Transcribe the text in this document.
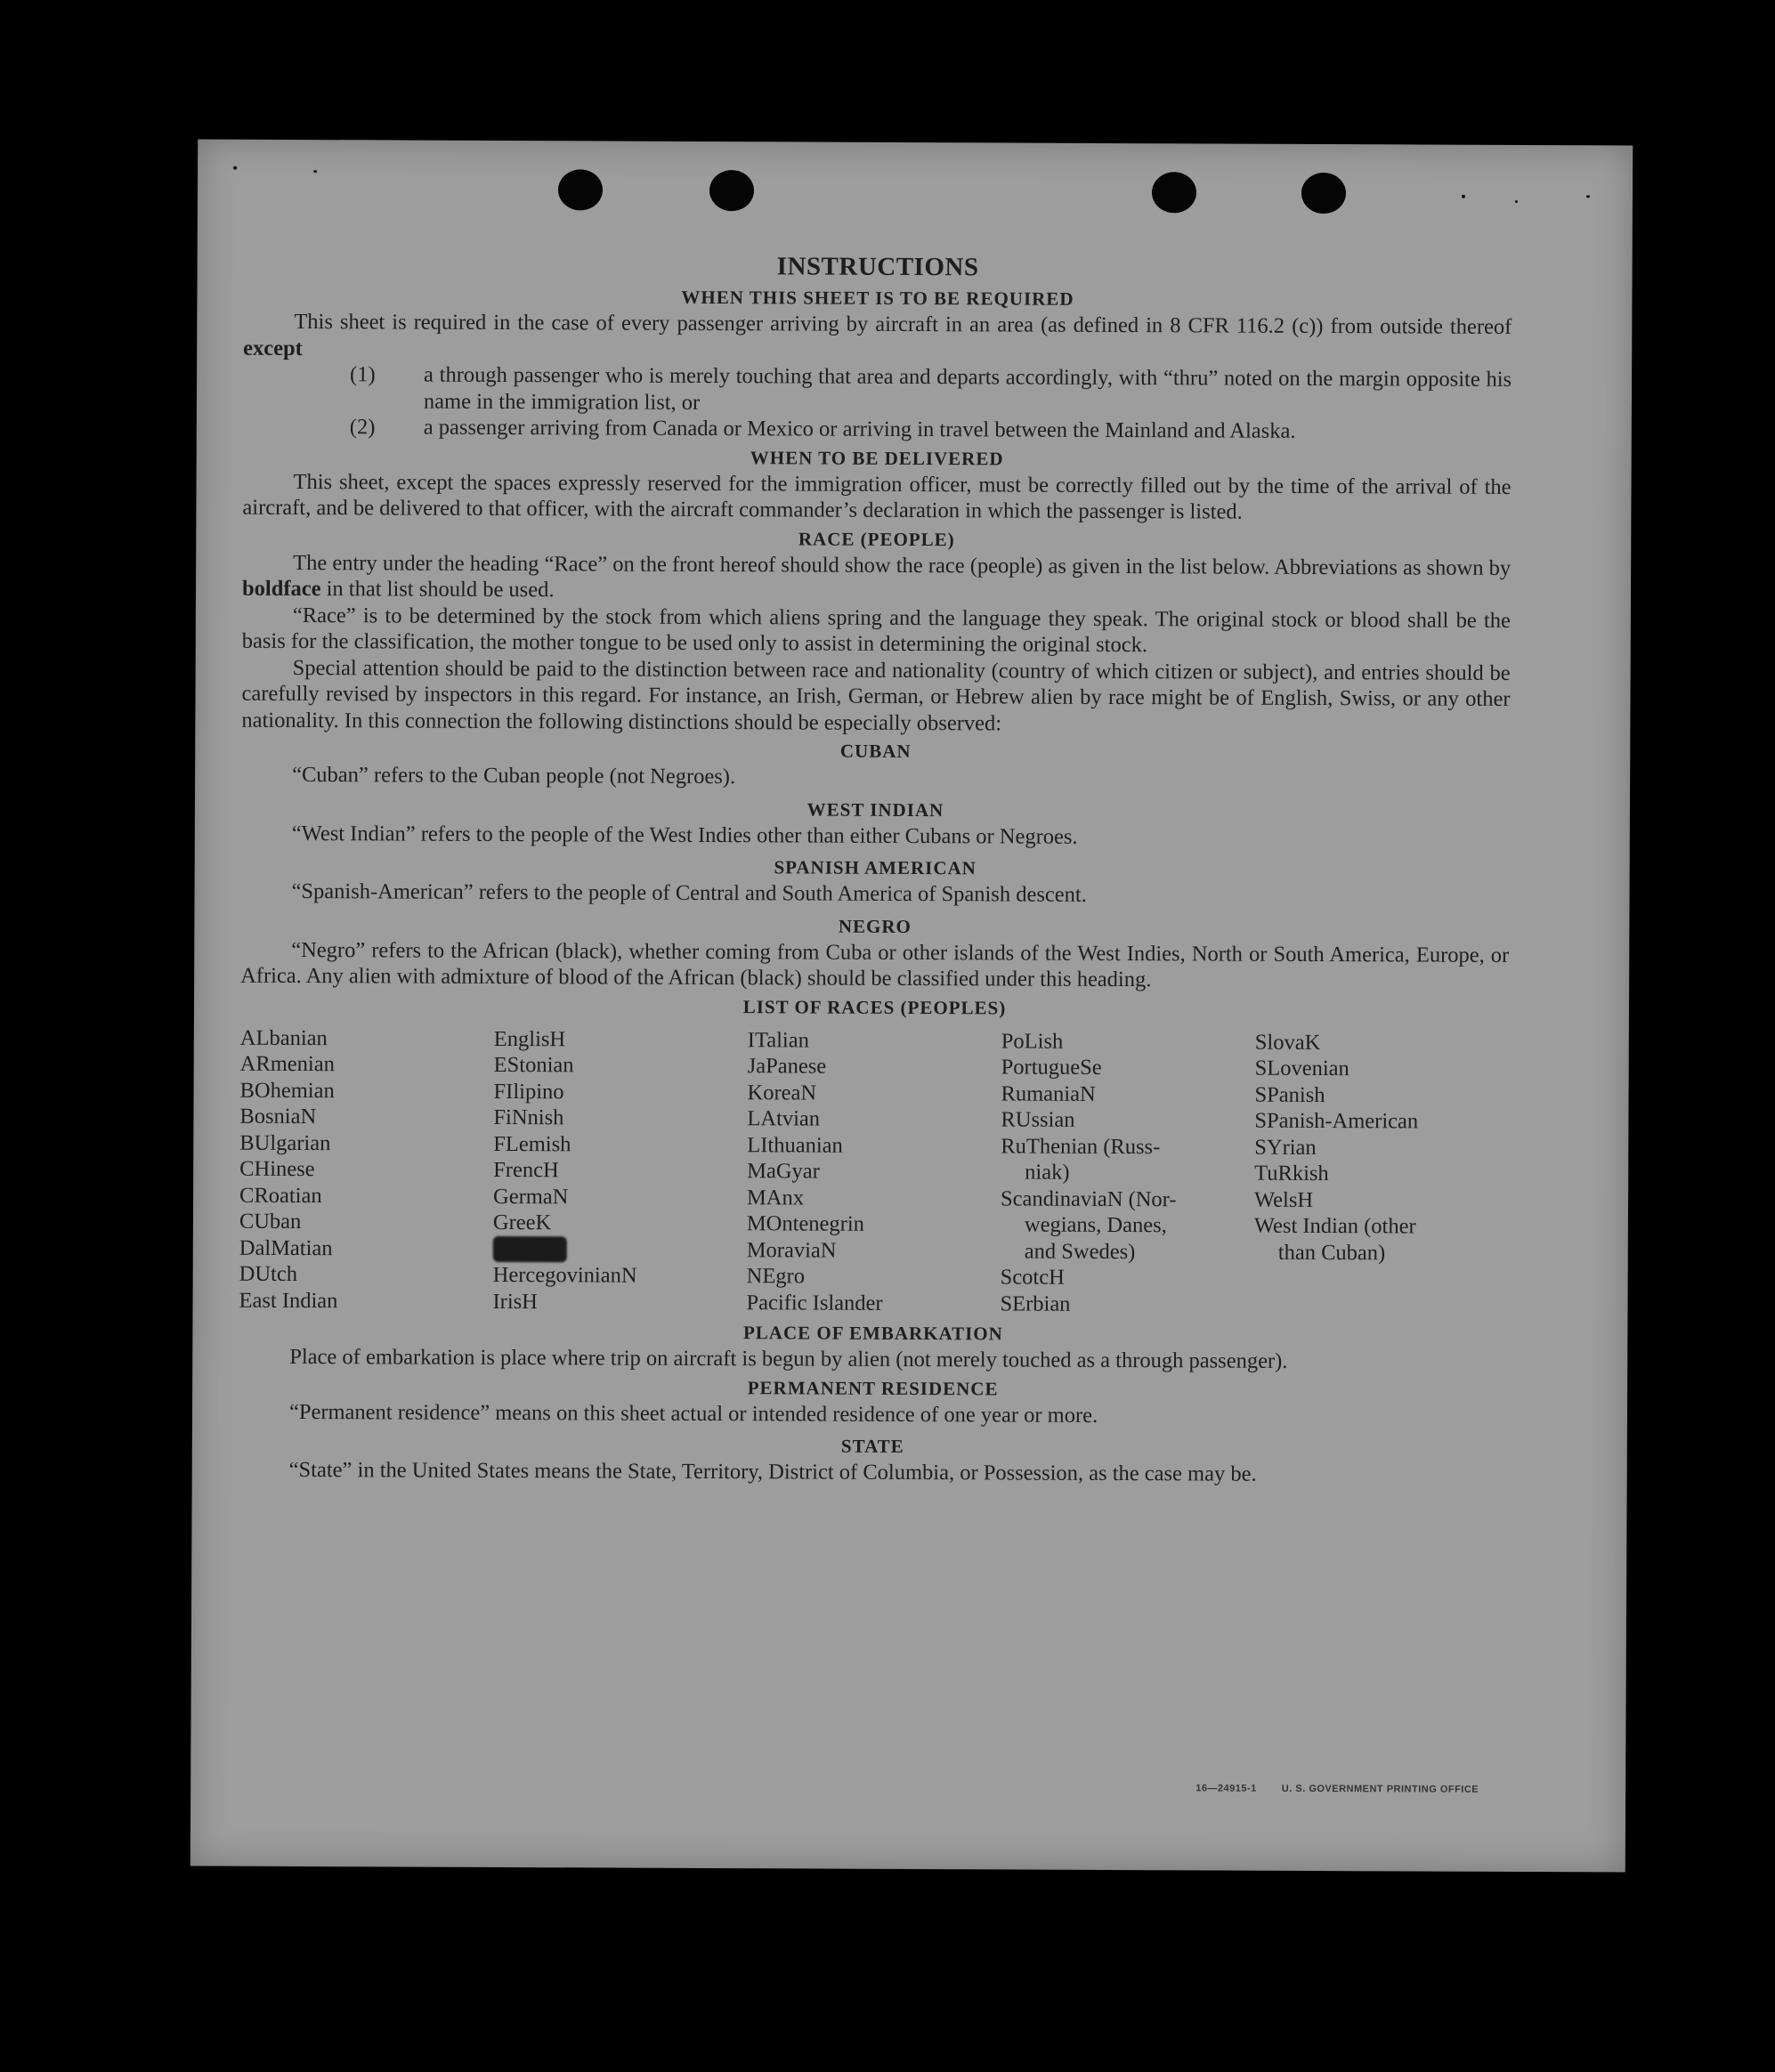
INSTRUCTIONS
WHEN THIS SHEET IS TO BE REQUIRED

This sheet is required in the case of every passenger arriving by aircraft in an area (as defined in 8 CFR 116.2 (c)) from outside thereof except

(1) a through passenger who is merely touching that area and departs accordingly, with “thru” noted on the margin opposite his name in the immigration list, or
(2) a passenger arriving from Canada or Mexico or arriving in travel between the Mainland and Alaska.
WHEN TO BE DELIVERED

This sheet, except the spaces expressly reserved for the immigration officer, must be correctly filled out by the time of the arrival of the aircraft, and be delivered to that officer, with the aircraft commander’s declaration in which the passenger is listed.

RACE (PEOPLE)

The entry under the heading “Race” on the front hereof should show the race (people) as given in the list below. Abbreviations as shown by boldface in that list should be used.

“Race” is to be determined by the stock from which aliens spring and the language they speak. The original stock or blood shall be the basis for the classification, the mother tongue to be used only to assist in determining the original stock.

Special attention should be paid to the distinction between race and nationality (country of which citizen or subject), and entries should be carefully revised by inspectors in this regard. For instance, an Irish, German, or Hebrew alien by race might be of English, Swiss, or any other nationality. In this connection the following distinctions should be especially observed:

CUBAN

“Cuban” refers to the Cuban people (not Negroes).

WEST INDIAN

“West Indian” refers to the people of the West Indies other than either Cubans or Negroes.

SPANISH AMERICAN

“Spanish-American” refers to the people of Central and South America of Spanish descent.

NEGRO

“Negro” refers to the African (black), whether coming from Cuba or other islands of the West Indies, North or South America, Europe, or Africa. Any alien with admixture of blood of the African (black) should be classified under this heading.

LIST OF RACES (PEOPLES)
ALbanian
ARmenian
BOhemian
BosniaN
BUlgarian
CHinese
CRoatian
CUban
DalMatian
DUtch
East Indian
EnglisH
EStonian
FIlipino
FiNnish
FLemish
FrencH
GermaN
GreeK
HebreW
HercegovinianN
IrisH
ITalian
JaPanese
KoreaN
LAtvian
LIthuanian
MaGyar
MAnx
MOntenegrin
MoraviaN
NEgro
Pacific Islander
PoLish
PortugueSe
RumaniaN
RUssian
RuThenian (Russ-
niak)
ScandinaviaN (Nor-
wegians, Danes,
and Swedes)
ScotcH
SErbian
SlovaK
SLovenian
SPanish
SPanish-American
SYrian
TuRkish
WelsH
West Indian (other
than Cuban)
PLACE OF EMBARKATION

Place of embarkation is place where trip on aircraft is begun by alien (not merely touched as a through passenger).

PERMANENT RESIDENCE

“Permanent residence” means on this sheet actual or intended residence of one year or more.

STATE

“State” in the United States means the State, Territory, District of Columbia, or Possession, as the case may be.

16—24915-1	U. S. GOVERNMENT PRINTING OFFICE
